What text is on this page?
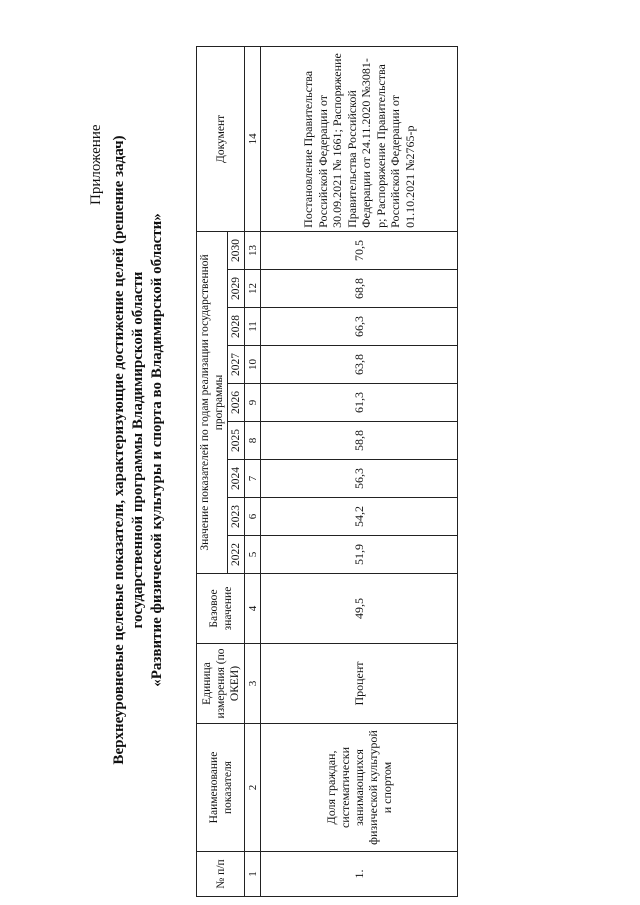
Приложение Верхнеуровневые целевые показатели, характеризующие достижение целей (решение задач) государственной программы Владимирской области «Развитие физической культуры и спорта во Владимирской области»
№ п/п	Наименование показателя	Единица измерения (по ОКЕИ)	Базовое значение	Значение показателей по годам реализации государственной программы									Документ
				2022	2023	2024	2025	2026	2027	2028	2029	2030	
1	2	3	4	5	6	7	8	9	10	11	12	13	14
1.	Доля граждан, систематически занимающихся физической культурой и спортом	Процент	49,5	51,9	54,2	56,3	58,8	61,3	63,8	66,3	68,8	70,5	Постановление Правительства Российской Федерации от 30.09.2021 № 1661; Распоряжение Правительства Российской Федерации от 24.11.2020 №3081-р; Распоряжение Правительства Российской Федерации от 01.10.2021 №2765-р
